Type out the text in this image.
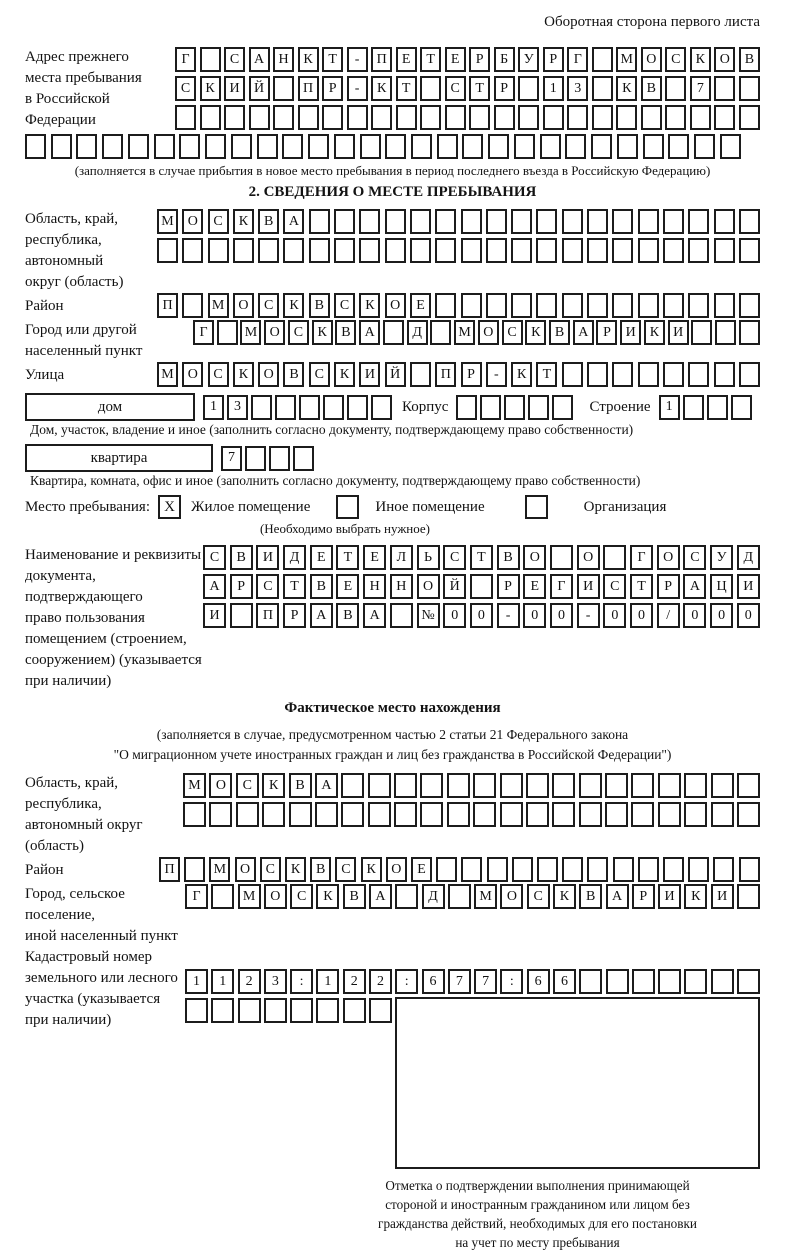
Оборотная сторона первого листа
Адрес прежнего
места пребывания
в Российской
Федерации
Г	С	А	Н	К	Т	-	П	Е	Т	Е	Р	Б	У	Р	Г	М О	С	К	О	В
С	К	И	Й	П	Р	-	К	Т	С	Т	Р	1	3	К	В	7
(заполняется в случае прибытия в новое место пребывания в период последнего въезда в Российскую Федерацию)
2. СВЕДЕНИЯ О МЕСТЕ ПРЕБЫВАНИЯ
Область, край,
республика,
автономный
округ (область)
М	О	С	К	В	А
Район	П	М	О	С	К	В	С	К	О	Е
Город или другой
населенный пункт
Г	М О	С	К	В	А	Д	М О	С	К	В	А	Р	И	К	И
Улица	М	О	С	К	О	В	С	К	И	Й	П	Р	-	К	Т
дом	1	3	Корпус	Строение	1
Дом, участок, владение и иное (заполнить согласно документу, подтверждающему право собственности)
квартира	7
Квартира, комната, офис и иное (заполнить согласно документу, подтверждающему право собственности)
Место пребывания: X	Жилое помещение	Иное помещение	Организация
(Необходимо выбрать нужное)
Наименование и реквизиты
документа, подтверждающего
право пользования
помещением (строением,
сооружением) (указывается
при наличии)
С	В	И	Д	Е	Т	Е	Л	Ь	С	Т	В	О	О	Г	О	С	У	Д
А	Р	С	Т	В	Е	Н	Н	О	Й	Р	Е	Г	И	С	Т	Р	А	Ц	И
И	П	Р	А	В	А	№	0	0	-	0	0	-	0	0	/	0	0	0
Фактическое место нахождения
(заполняется в случае, предусмотренном частью 2 статьи 21 Федерального закона
"О миграционном учете иностранных граждан и лиц без гражданства в Российской Федерации")
Область, край,
республика,
автономный округ
(область)
М	О	С	К	В	А
Район	П	М О	С	К	В	С	К	О	Е
Город, сельское поселение,
иной населенный пункт
Г	М	О	С	К	В	А	Д	М	О	С	К	В	А	Р	И	К	И
Кадастровый номер
земельного или лесного
участка (указывается
при наличии)
1	1	2	3	:	1	2	2	:	6	7	7	:	6	6
Отметка о подтверждении выполнения принимающей
стороной и иностранным гражданином или лицом без
гражданства действий, необходимых для его постановки
на учет по месту пребывания
